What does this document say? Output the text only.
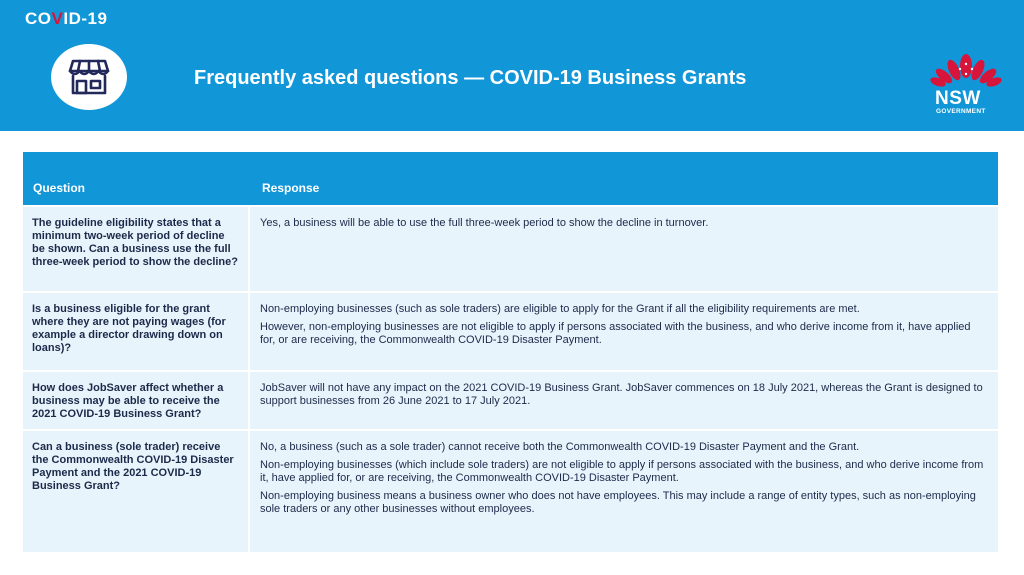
COVID-19
Frequently asked questions — COVID-19 Business Grants
NSW
GOVERNMENT
Question	Response
The guideline eligibility states that a minimum two-week period of decline be shown. Can a business use the full three-week period to show the decline?

Yes, a business will be able to use the full three-week period to show the decline in turnover.

Is a business eligible for the grant where they are not paying wages (for example a director drawing down on loans)?

Non-employing businesses (such as sole traders) are eligible to apply for the Grant if all the eligibility requirements are met.

However, non-employing businesses are not eligible to apply if persons associated with the business, and who derive income from it, have applied for, or are receiving, the Commonwealth COVID-19 Disaster Payment.

How does JobSaver affect whether a business may be able to receive the 2021 COVID-19 Business Grant?

JobSaver will not have any impact on the 2021 COVID-19 Business Grant. JobSaver commences on 18 July 2021, whereas the Grant is designed to support businesses from 26 June 2021 to 17 July 2021.

Can a business (sole trader) receive the Commonwealth COVID-19 Disaster Payment and the 2021 COVID-19 Business Grant?

No, a business (such as a sole trader) cannot receive both the Commonwealth COVID-19 Disaster Payment and the Grant.

Non-employing businesses (which include sole traders) are not eligible to apply if persons associated with the business, and who derive income from it, have applied for, or are receiving, the Commonwealth COVID-19 Disaster Payment.

Non-employing business means a business owner who does not have employees. This may include a range of entity types, such as non-employing sole traders or any other businesses without employees.
